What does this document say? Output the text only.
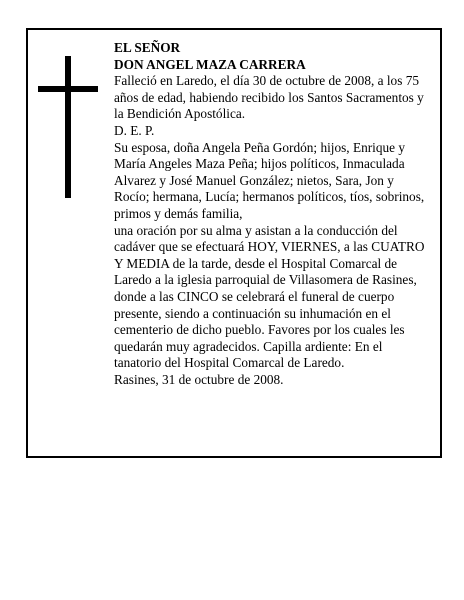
EL SEÑOR

DON ANGEL MAZA CARRERA

Falleció en Laredo, el día 30 de octubre de 2008, a los 75 años de edad, habiendo recibido los Santos Sacramentos y la Bendición Apostólica.

D. E. P.

Su esposa, doña Angela Peña Gordón; hijos, Enrique y María Angeles Maza Peña; hijos políticos, Inmaculada Alvarez y José Manuel González; nietos, Sara, Jon y Rocío; hermana, Lucía; hermanos políticos, tíos, sobrinos, primos y demás familia,

una oración por su alma y asistan a la conducción del cadáver que se efectuará HOY, VIERNES, a las CUATRO Y MEDIA de la tarde, desde el Hospital Comarcal de Laredo a la iglesia parroquial de Villasomera de Rasines, donde a las CINCO se celebrará el funeral de cuerpo presente, siendo a continuación su inhumación en el cementerio de dicho pueblo. Favores por los cuales les quedarán muy agradecidos. Capilla ardiente: En el tanatorio del Hospital Comarcal de Laredo.

Rasines, 31 de octubre de 2008.
